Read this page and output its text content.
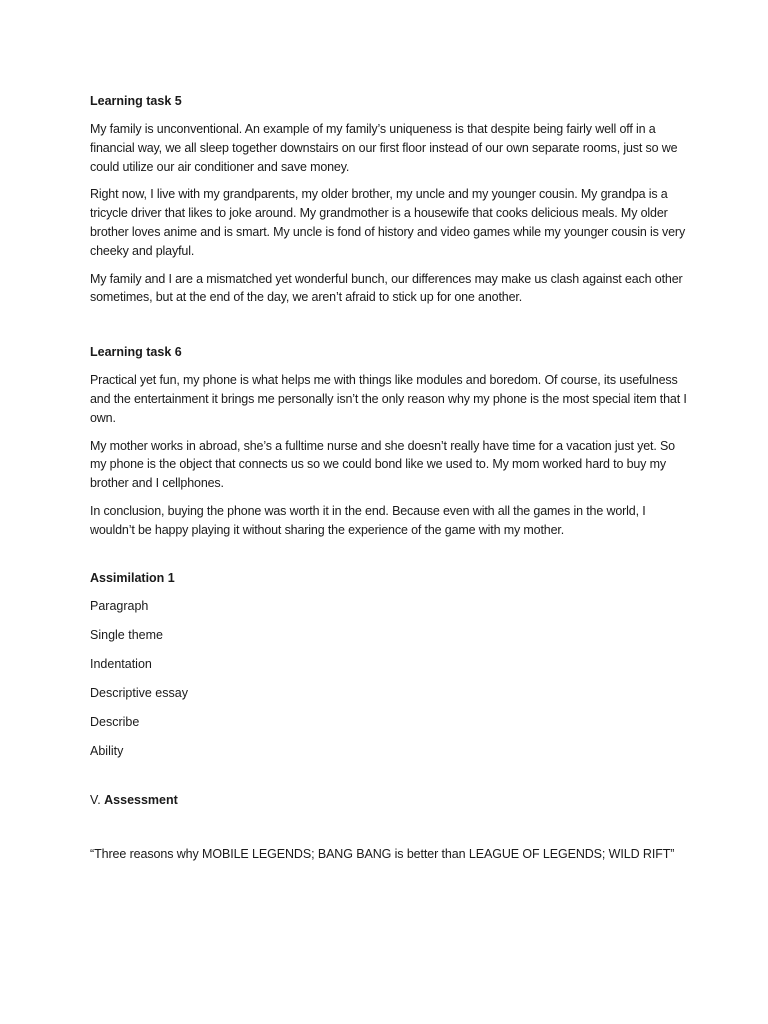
Learning task 5

My family is unconventional. An example of my family’s uniqueness is that despite being fairly well off in a financial way, we all sleep together downstairs on our first floor instead of our own separate rooms, just so we could utilize our air conditioner and save money.

Right now, I live with my grandparents, my older brother, my uncle and my younger cousin. My grandpa is a tricycle driver that likes to joke around. My grandmother is a housewife that cooks delicious meals. My older brother loves anime and is smart. My uncle is fond of history and video games while my younger cousin is very cheeky and playful.

My family and I are a mismatched yet wonderful bunch, our differences may make us clash against each other sometimes, but at the end of the day, we aren’t afraid to stick up for one another.

Learning task 6

Practical yet fun, my phone is what helps me with things like modules and boredom. Of course, its usefulness and the entertainment it brings me personally isn’t the only reason why my phone is the most special item that I own.

My mother works in abroad, she’s a fulltime nurse and she doesn’t really have time for a vacation just yet. So my phone is the object that connects us so we could bond like we used to. My mom worked hard to buy my brother and I cellphones.

In conclusion, buying the phone was worth it in the end. Because even with all the games in the world, I wouldn’t be happy playing it without sharing the experience of the game with my mother.

Assimilation 1
Paragraph
Single theme
Indentation
Descriptive essay
Describe
Ability

V. Assessment

“Three reasons why MOBILE LEGENDS; BANG BANG is better than LEAGUE OF LEGENDS; WILD RIFT”
